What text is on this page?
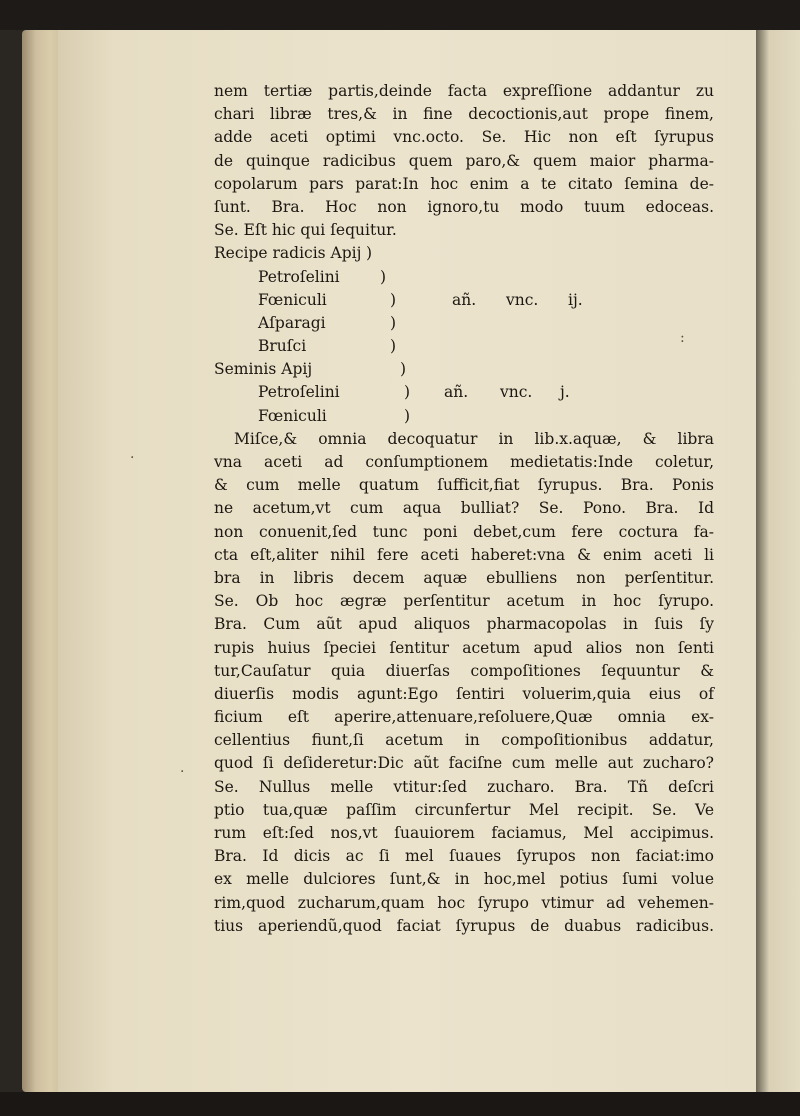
·
:
·
nem tertiæ partis,deinde facta expreſſione addantur zu
chari libræ tres,& in fine decoctionis,aut prope finem,
adde aceti optimi vnc.octo. Se. Hic non eſt ſyrupus
de quinque radicibus quem paro,& quem maior pharma-
copolarum pars parat:In hoc enim a te citato ſemina de-
ſunt. Bra. Hoc non ignoro,tu modo tuum edoceas.
Se. Eſt hic qui ſequitur.
Recipe radicis Apij )
Petroſelini	)
Fœniculi	)	añ. vnc. ij.
Aſparagi	)
Bruſci	)
Seminis Apij	)
Petroſelini	) añ. vnc. j.
Fœniculi	)
Miſce,& omnia decoquatur in lib.x.aquæ, & libra
vna aceti ad conſumptionem medietatis:Inde coletur,
& cum melle quatum ſufficit,fiat ſyrupus. Bra. Ponis
ne acetum,vt cum aqua bulliat? Se. Pono. Bra. Id
non conuenit,ſed tunc poni debet,cum fere coctura fa-
cta eſt,aliter nihil fere aceti haberet:vna & enim aceti li
bra in libris decem aquæ ebulliens non perſentitur.
Se. Ob hoc ægræ perſentitur acetum in hoc ſyrupo.
Bra. Cum aũt apud aliquos pharmacopolas in ſuis ſy
rupis huius ſpeciei ſentitur acetum apud alios non ſenti
tur,Cauſatur quia diuerſas compoſitiones ſequuntur &
diuerſis modis agunt:Ego ſentiri voluerim,quia eius of
ficium eſt aperire,attenuare,reſoluere,Quæ omnia ex-
cellentius fiunt,ſi acetum in compoſitionibus addatur,
quod ſi deſideretur:Dic aũt faciſne cum melle aut zucharo?
Se. Nullus melle vtitur:ſed zucharo. Bra. Tñ deſcri
ptio tua,quæ paſſim circunfertur Mel recipit. Se. Ve
rum eſt:ſed nos,vt ſuauiorem faciamus, Mel accipimus.
Bra. Id dicis ac ſi mel ſuaues ſyrupos non faciat:imo
ex melle dulciores ſunt,& in hoc,mel potius ſumi volue
rim,quod zucharum,quam hoc ſyrupo vtimur ad vehemen-
tius aperiendũ,quod faciat ſyrupus de duabus radicibus.
